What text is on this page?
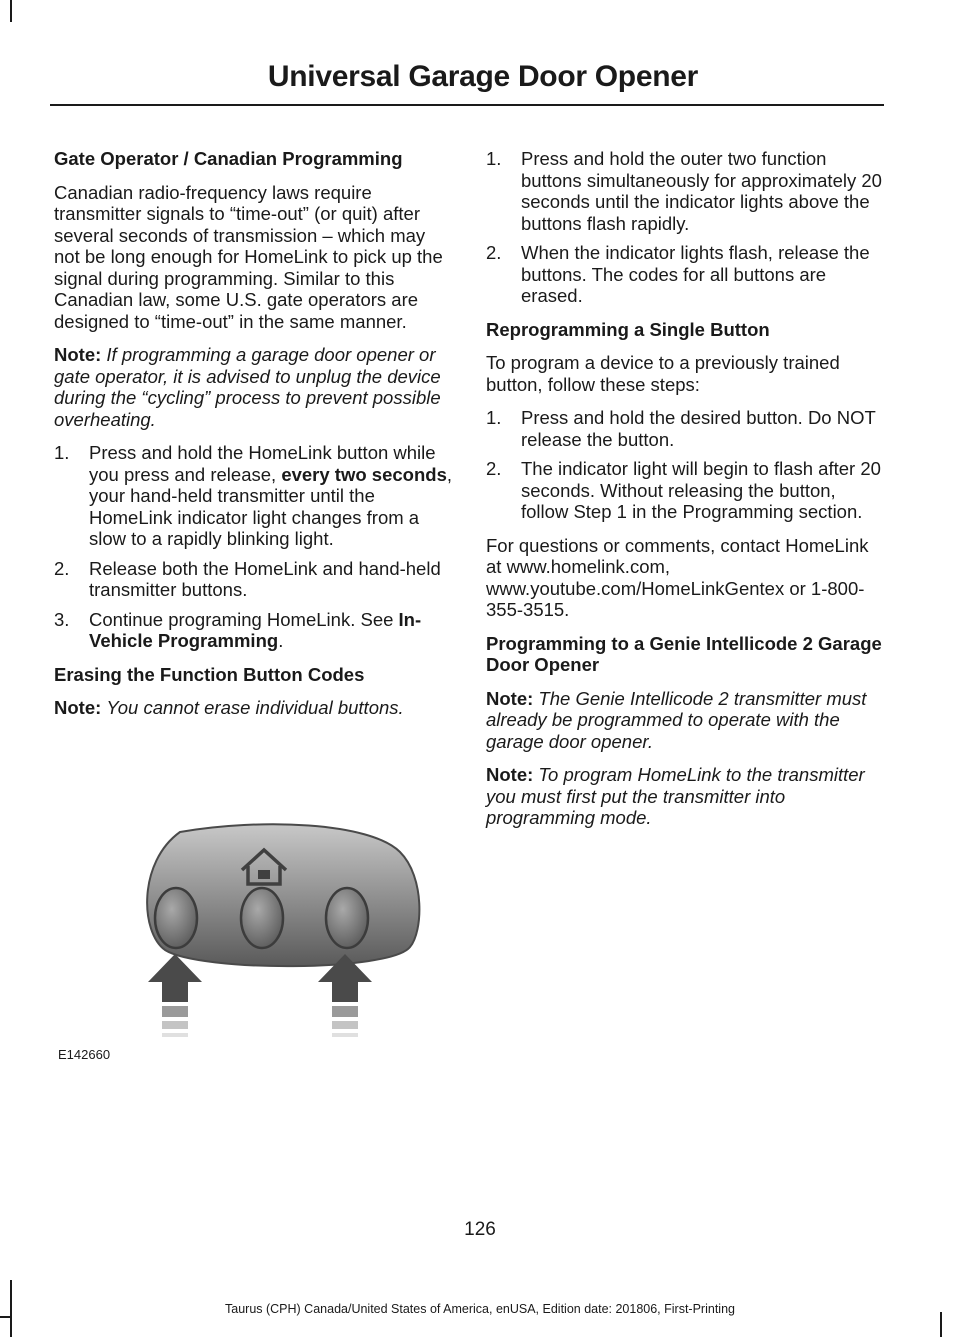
Universal Garage Door Opener
Gate Operator / Canadian Programming

Canadian radio-frequency laws require transmitter signals to “time-out” (or quit) after several seconds of transmission – which may not be long enough for HomeLink to pick up the signal during programming. Similar to this Canadian law, some U.S. gate operators are designed to “time-out” in the same manner.

Note: If programming a garage door opener or gate operator, it is advised to unplug the device during the “cycling” process to prevent possible overheating.

1.	Press and hold the HomeLink button while you press and release, every two seconds, your hand-held transmitter until the HomeLink indicator light changes from a slow to a rapidly blinking light.
2.	Release both the HomeLink and hand-held transmitter buttons.
3.	Continue programing HomeLink. See In-Vehicle Programming.
Erasing the Function Button Codes

Note: You cannot erase individual buttons.

E142660
1.	Press and hold the outer two function buttons simultaneously for approximately 20 seconds until the indicator lights above the buttons flash rapidly.
2.	When the indicator lights flash, release the buttons. The codes for all buttons are erased.
Reprogramming a Single Button

To program a device to a previously trained button, follow these steps:

1.	Press and hold the desired button. Do NOT release the button.
2.	The indicator light will begin to flash after 20 seconds. Without releasing the button, follow Step 1 in the Programming section.

For questions or comments, contact HomeLink at www.homelink.com, www.youtube.com/HomeLinkGentex or 1-800-355-3515.

Programming to a Genie Intellicode 2 Garage Door Opener

Note: The Genie Intellicode 2 transmitter must already be programmed to operate with the garage door opener.

Note: To program HomeLink to the transmitter you must first put the transmitter into programming mode.

126
Taurus (CPH) Canada/United States of America, enUSA, Edition date: 201806, First-Printing
